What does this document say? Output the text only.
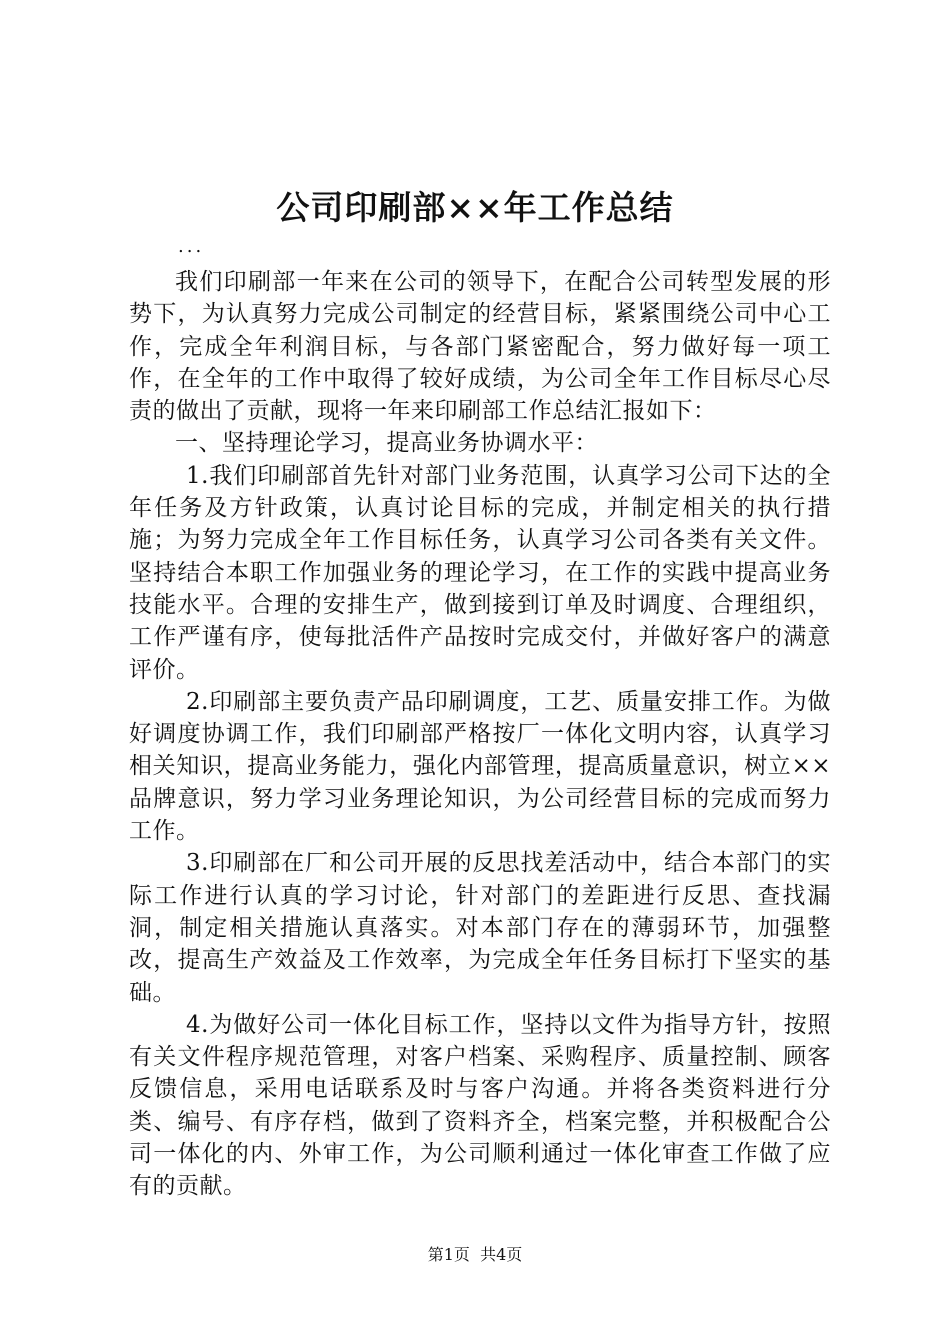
公司印刷部××年工作总结
...

我们印刷部一年来在公司的领导下，在配合公司转型发展的形势下，为认真努力完成公司制定的经营目标，紧紧围绕公司中心工作，完成全年利润目标，与各部门紧密配合，努力做好每一项工作，在全年的工作中取得了较好成绩，为公司全年工作目标尽心尽责的做出了贡献，现将一年来印刷部工作总结汇报如下：

一、坚持理论学习，提高业务协调水平：

1.我们印刷部首先针对部门业务范围，认真学习公司下达的全年任务及方针政策，认真讨论目标的完成，并制定相关的执行措施；为努力完成全年工作目标任务，认真学习公司各类有关文件。坚持结合本职工作加强业务的理论学习，在工作的实践中提高业务技能水平。合理的安排生产，做到接到订单及时调度、合理组织，工作严谨有序，使每批活件产品按时完成交付，并做好客户的满意评价。

2.印刷部主要负责产品印刷调度，工艺、质量安排工作。为做好调度协调工作，我们印刷部严格按厂一体化文明内容，认真学习相关知识，提高业务能力，强化内部管理，提高质量意识，树立××品牌意识，努力学习业务理论知识，为公司经营目标的完成而努力工作。

3.印刷部在厂和公司开展的反思找差活动中，结合本部门的实际工作进行认真的学习讨论，针对部门的差距进行反思、查找漏洞，制定相关措施认真落实。对本部门存在的薄弱环节，加强整改，提高生产效益及工作效率，为完成全年任务目标打下坚实的基础。

4.为做好公司一体化目标工作，坚持以文件为指导方针，按照有关文件程序规范管理，对客户档案、采购程序、质量控制、顾客反馈信息，采用电话联系及时与客户沟通。并将各类资料进行分类、编号、有序存档，做到了资料齐全，档案完整，并积极配合公司一体化的内、外审工作，为公司顺利通过一体化审查工作做了应有的贡献。

第1页  共4页
